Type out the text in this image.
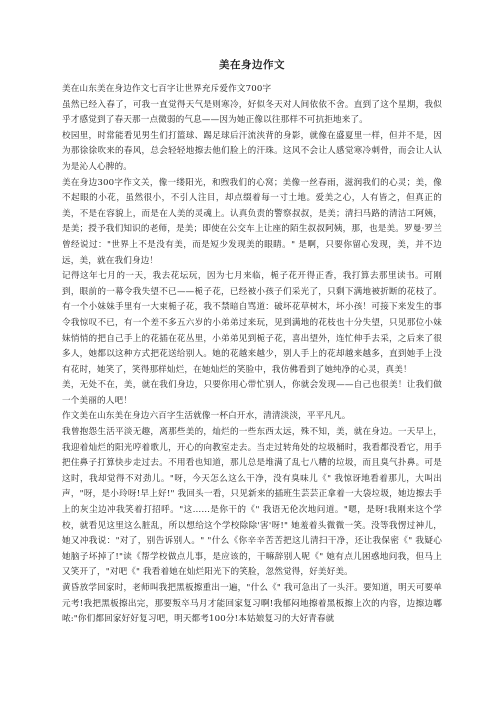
美在身边作文

美在山东美在身边作文七百字让世界充斥爱作文700字

虽然已经入春了，可我一直觉得天气是则寒冷，好似冬天对人间依依不舍。直到了这个星期，我似乎才感觉到了春天那一点微弱的气息——因为她正像以往那样不可抗拒地来了。

校园里，时常能看见男生们打篮球、踢足球后汗流浃背的身影，就像在盛夏里一样，但并不是，因为那徐徐吹来的春风，总会轻轻地擦去他们脸上的汗珠。这风不会让人感觉寒冷刺骨，而会让人认为是沁人心脾的。

美在身边300字作文关，像一缕阳光，和煦我们的心窝；美像一丝春雨，滋润我们的心灵；美，像不起眼的小花，虽然很小，不引人注目，却点缀着每一寸土地。爱美之心，人有皆之，但真正的美，不是在容貌上，而是在人美的灵魂上。认真负责的警察叔叔，是美；清扫马路的清洁工阿姨，是美；授予我们知识的老师，是美；即使在公交车上让座的陌生叔叔阿姨，那，也是美。罗曼·罗兰曾经说过："世界上不是没有美，而是短少发现美的眼睛。" 是啊，只要你留心发现，美，并不边远，美，就在我们身边！

记得这年七月的一天，我去花坛玩，因为七月来临，栀子花开得正香，我打算去那里读书。可刚到，眼前的一幕令我失望不已——栀子花，已经被小孩子们采光了，只剩下满地被折断的花枝了。有一个小妹妹手里有一大束栀子花，我不禁暗自骂道：破坏花草树木，坏小孩！可接下来发生的事令我惊叹不已，有一个差不多五六岁的小弟弟过来玩，见到满地的花枝也十分失望，只见那位小妹妹悄悄的把自己手上的花插在花丛里，小弟弟见到栀子花，喜出望外，连忙伸手去采，之后来了很多人，她都以这种方式把花送给别人。她的花越来越少，别人手上的花却越来越多，直到她手上没有花时，她笑了，笑得那样灿烂，在她灿烂的笑脸中，我仿佛看到了她纯净的心灵，真美！

美，无处不在，美，就在我们身边，只要你用心带忙别人，你就会发现——自己也很美！让我们做一个美丽的人吧！

作文美在山东美在身边六百字生活就像一杯白开水，清清淡淡，平平凡凡。

我曾抱怨生活平淡无趣，离那些美的，灿烂的一些东西太远，殊不知，美，就在身边。一天早上，我迎着灿烂的阳光哼着歌儿，开心的向教室走去。当走过转角处的垃圾桶时，我看都没看它，用手把住鼻子打算快步走过去。不用看也知道，那儿总是堆满了乱七八糟的垃圾，而且臭气扑鼻。可是这时，我却觉得不对劲儿。"呀，今天怎么这么干净，没有臭味儿《" 我惊讶地看着那儿，大叫出声，"呀，是小玲呀!早上好!" 我回头一看，只见新来的插班生芸芸正拿着一大袋垃圾，她边擦去手上的灰尘边冲我笑着打招呼。"这……是你干的《" 我语无伦次地问道。"嗯，是呀!我刚来这个学校，就看见这里这么脏乱，所以想给这个学校除除'害'呀!" 她羞着头微微一笑。没等我愣过神儿，她又冲我说："对了，别告诉别人。" "什么《你辛辛苦苦把这儿清扫干净，还让我保密《" 我疑心她脑子坏掉了!"读《帮学校做点儿事，是应该的，干嘛辞别人呢《" 她有点儿困惑地问我，但马上又笑开了，"对吧《" 我看着她在灿烂阳光下的笑脸，忽然觉得，好美好美。

黄昏放学回家时，老师叫我把黑板擦重出一遍，"什么《" 我可急出了一头汗。要知道，明天可要单元考!我把黑板擦出完，那要叛卒马月才能回家复习啊!我郁闷地擦着黑板擦上次的内容，边擦边嘟哝:"你们都回家好好复习吧，明天都考100分!本姑娘复习的大好青春就
